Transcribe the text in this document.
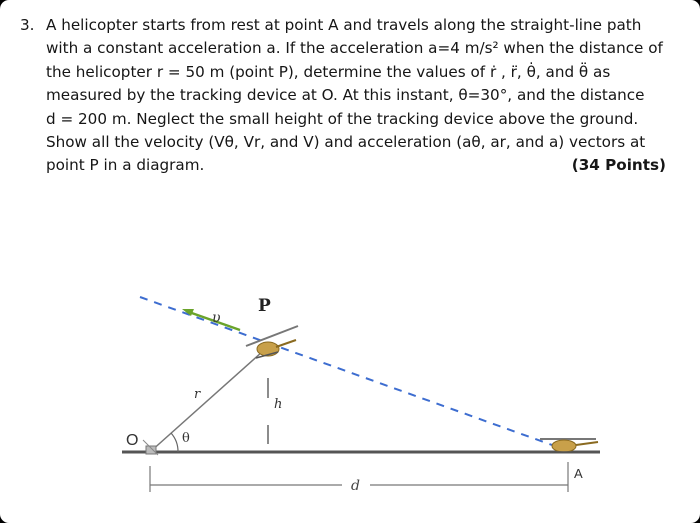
3. A helicopter starts from rest at point A and travels along the straight-line path
with a constant acceleration a. If the acceleration a=4 m/s² when the distance of
the helicopter r = 50 m (point P), determine the values of ṙ , r̈, θ̇, and θ̈ as
measured by the tracking device at O. At this instant, θ=30°, and the distance
d = 200 m. Neglect the small height of the tracking device above the ground.
Show all the velocity (Vθ, Vr, and V) and acceleration (aθ, ar, and a) vectors at
point P in a diagram.	(34 Points)
υ
P
r
h
O	θ
d
A
